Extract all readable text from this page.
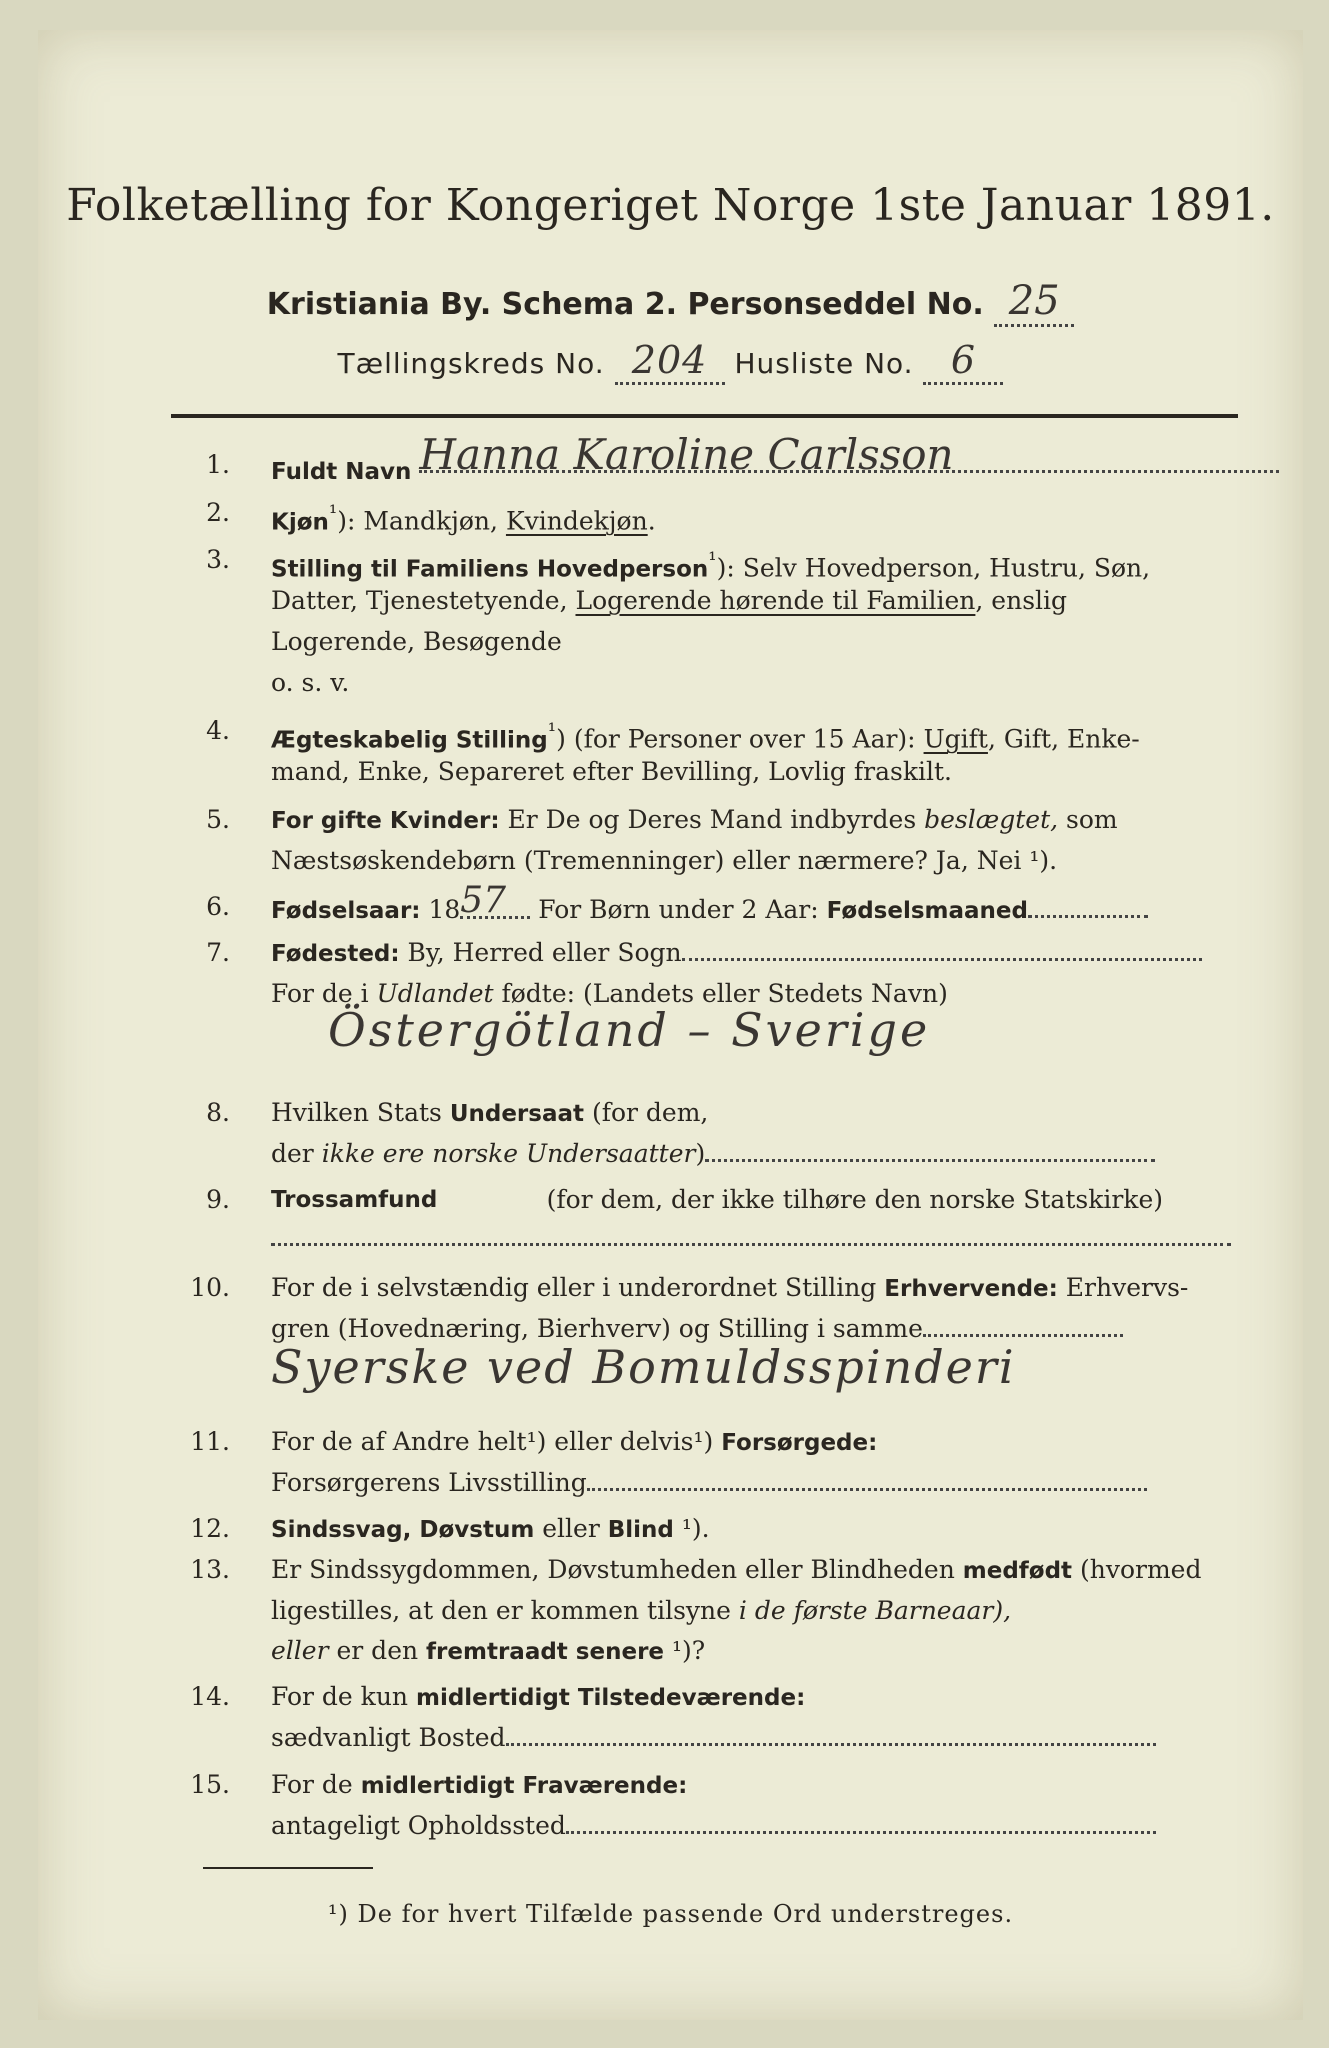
Folketælling for Kongeriget Norge 1ste Januar 1891.
Kristiania By. Schema 2. Personseddel No. 25
Tællingskreds No. 204 Husliste No. 6
1. Fuldt Navn Hanna Karoline Carlsson
2. Kjøn$^{^1}$): Mandkjøn, Kvindekjøn.
3. Stilling til Familiens Hovedperson$^{^1}$): Selv Hovedperson, Hustru, Søn,
Datter, Tjenestetyende, Logerende hørende til Familien, enslig
Logerende, Besøgende
o. s. v.
4. Ægteskabelig Stilling$^{^1}$) (for Personer over 15 Aar): Ugift, Gift, Enke-
mand, Enke, Separeret efter Bevilling, Lovlig fraskilt.
5. For gifte Kvinder: Er De og Deres Mand indbyrdes beslægtet, som
Næstsøskendebørn (Tremenninger) eller nærmere? Ja, Nei ¹).
6. Fødselsaar: 1857 For Børn under 2 Aar: Fødselsmaaned
7. Fødested: By, Herred eller Sogn
For de i Udlandet fødte: (Landets eller Stedets Navn)
Östergötland – Sverige
8. Hvilken Stats Undersaat (for dem,
der ikke ere norske Undersaatter)
9. Trossamfund	(for dem, der ikke tilhøre den norske Statskirke)
10. For de i selvstændig eller i underordnet Stilling Erhvervende: Erhvervs-
gren (Hovednæring, Bierhverv) og Stilling i samme
Syerske ved Bomuldsspinderi
11. For de af Andre helt¹) eller delvis¹) Forsørgede:
Forsørgerens Livsstilling
12. Sindssvag, Døvstum eller Blind ¹).
13. Er Sindssygdommen, Døvstumheden eller Blindheden medfødt (hvormed
ligestilles, at den er kommen tilsyne i de første Barneaar),
eller er den fremtraadt senere ¹)?
14. For de kun midlertidigt Tilstedeværende:
sædvanligt Bosted
15. For de midlertidigt Fraværende:
antageligt Opholdssted
¹) De for hvert Tilfælde passende Ord understreges.
